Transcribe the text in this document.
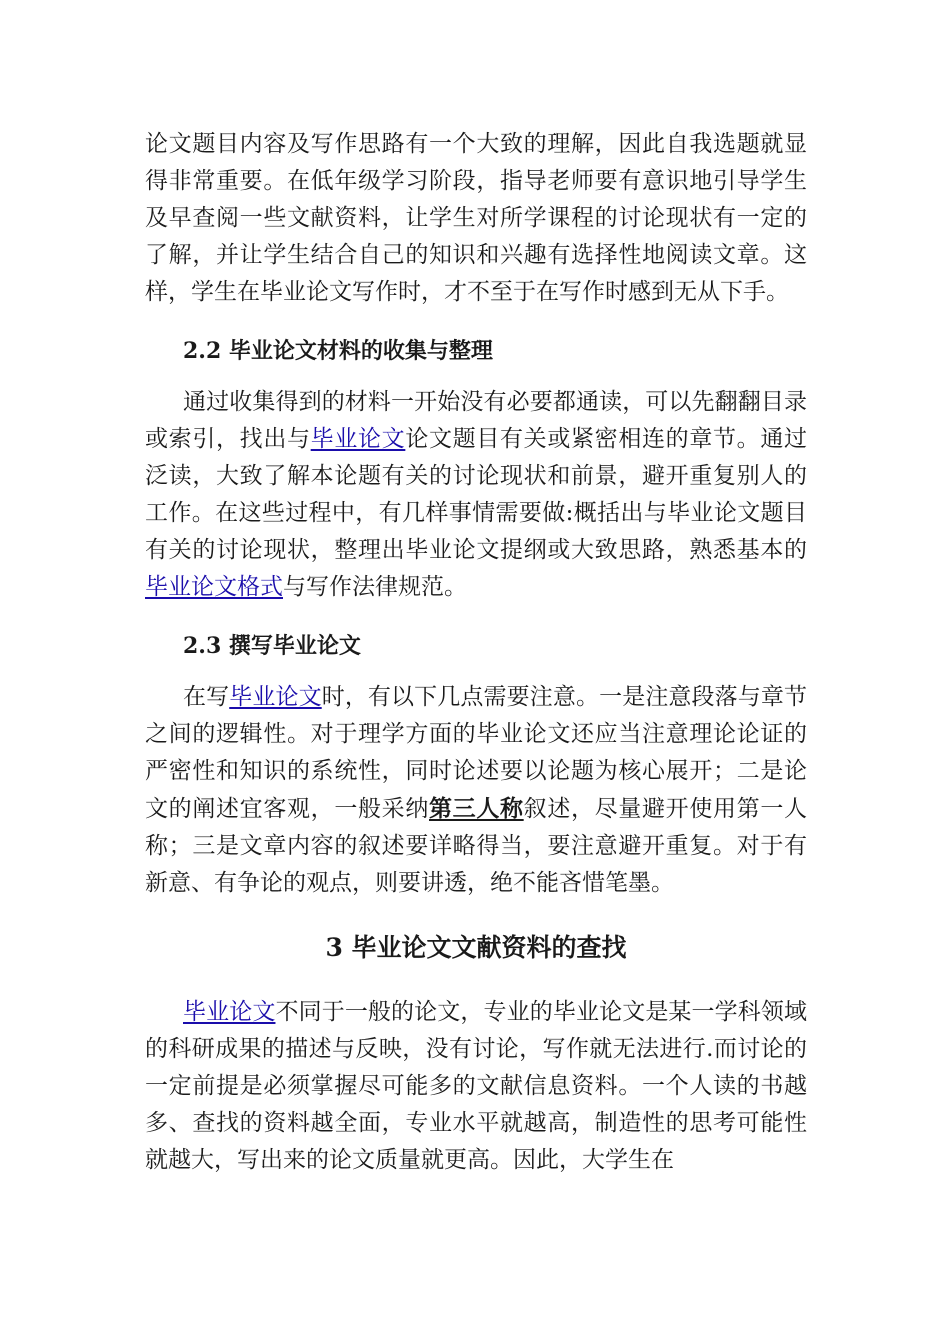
论文题目内容及写作思路有一个大致的理解，因此自我选题就显得非常重要。在低年级学习阶段，指导老师要有意识地引导学生及早查阅一些文献资料，让学生对所学课程的讨论现状有一定的了解，并让学生结合自己的知识和兴趣有选择性地阅读文章。这样，学生在毕业论文写作时，才不至于在写作时感到无从下手。

2.2 毕业论文材料的收集与整理

通过收集得到的材料一开始没有必要都通读，可以先翻翻目录或索引，找出与毕业论文论文题目有关或紧密相连的章节。通过泛读，大致了解本论题有关的讨论现状和前景，避开重复别人的工作。在这些过程中，有几样事情需要做:概括出与毕业论文题目有关的讨论现状，整理出毕业论文提纲或大致思路，熟悉基本的毕业论文格式与写作法律规范。

2.3 撰写毕业论文

在写毕业论文时，有以下几点需要注意。一是注意段落与章节之间的逻辑性。对于理学方面的毕业论文还应当注意理论论证的严密性和知识的系统性，同时论述要以论题为核心展开；二是论文的阐述宜客观，一般采纳第三人称叙述，尽量避开使用第一人称；三是文章内容的叙述要详略得当，要注意避开重复。对于有新意、有争论的观点，则要讲透，绝不能吝惜笔墨。

3 毕业论文文献资料的查找

毕业论文不同于一般的论文，专业的毕业论文是某一学科领域的科研成果的描述与反映，没有讨论，写作就无法进行.而讨论的一定前提是必须掌握尽可能多的文献信息资料。一个人读的书越多、查找的资料越全面，专业水平就越高，制造性的思考可能性就越大，写出来的论文质量就更高。因此，大学生在
